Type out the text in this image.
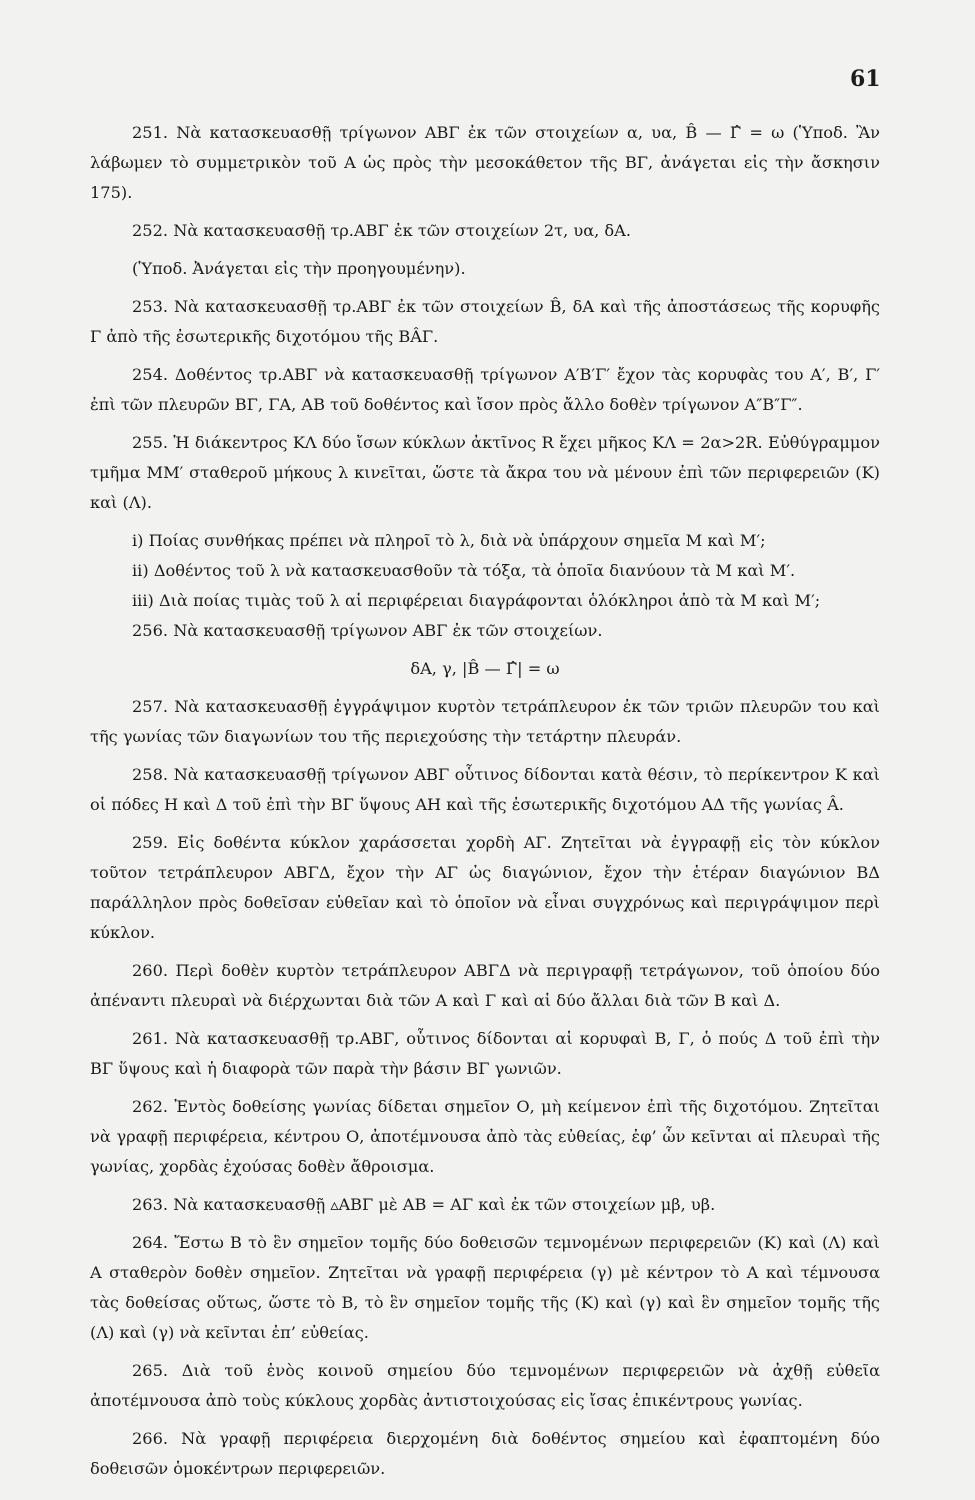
61

251. Νὰ κατασκευασθῇ τρίγωνον ΑΒΓ ἐκ τῶν στοιχείων α, υα, B̂ — Γ̂ = ω (Ὑποδ. Ἂν λάβωμεν τὸ συμμετρικὸν τοῦ Α ὡς πρὸς τὴν μεσοκάθετον τῆς ΒΓ, ἀνάγεται εἰς τὴν ἄσκησιν 175).

252. Νὰ κατασκευασθῇ τρ.ΑΒΓ ἐκ τῶν στοιχείων 2τ, υα, δΑ.

(Ὑποδ. Ἀνάγεται εἰς τὴν προηγουμένην).

253. Νὰ κατασκευασθῇ τρ.ΑΒΓ ἐκ τῶν στοιχείων B̂, δΑ καὶ τῆς ἀποστάσεως τῆς κορυφῆς Γ ἀπὸ τῆς ἐσωτερικῆς διχοτόμου τῆς ΒÂΓ.

254. Δοθέντος τρ.ΑΒΓ νὰ κατασκευασθῇ τρίγωνον Α′Β′Γ′ ἔχον τὰς κορυφὰς του Α′, Β′, Γ′ ἐπὶ τῶν πλευρῶν ΒΓ, ΓΑ, ΑΒ τοῦ δοθέντος καὶ ἴσον πρὸς ἄλλο δοθὲν τρίγωνον Α″Β″Γ″.

255. Ἡ διάκεντρος ΚΛ δύο ἴσων κύκλων ἀκτῖνος R ἔχει μῆκος ΚΛ = 2α>2R. Εὐθύγραμμον τμῆμα ΜΜ′ σταθεροῦ μήκους λ κινεῖται, ὥστε τὰ ἄκρα του νὰ μένουν ἐπὶ τῶν περιφερειῶν (Κ) καὶ (Λ).

i) Ποίας συνθήκας πρέπει νὰ πληροῖ τὸ λ, διὰ νὰ ὑπάρχουν σημεῖα Μ καὶ Μ′;

ii) Δοθέντος τοῦ λ νὰ κατασκευασθοῦν τὰ τόξα, τὰ ὁποῖα διανύουν τὰ Μ καὶ Μ′.

iii) Διὰ ποίας τιμὰς τοῦ λ αἱ περιφέρειαι διαγράφονται ὁλόκληροι ἀπὸ τὰ Μ καὶ Μ′;

256. Νὰ κατασκευασθῇ τρίγωνον ΑΒΓ ἐκ τῶν στοιχείων.

δΑ, γ, |B̂ — Γ̂| = ω

257. Νὰ κατασκευασθῇ ἐγγράψιμον κυρτὸν τετράπλευρον ἐκ τῶν τριῶν πλευρῶν του καὶ τῆς γωνίας τῶν διαγωνίων του τῆς περιεχούσης τὴν τετάρτην πλευράν.

258. Νὰ κατασκευασθῇ τρίγωνον ΑΒΓ οὗτινος δίδονται κατὰ θέσιν, τὸ περίκεντρον Κ καὶ οἱ πόδες Η καὶ Δ τοῦ ἐπὶ τὴν ΒΓ ὕψους ΑΗ καὶ τῆς ἐσωτερικῆς διχοτόμου ΑΔ τῆς γωνίας Â.

259. Εἰς δοθέντα κύκλον χαράσσεται χορδὴ ΑΓ. Ζητεῖται νὰ ἐγγραφῇ εἰς τὸν κύκλον τοῦτον τετράπλευρον ΑΒΓΔ, ἔχον τὴν ΑΓ ὡς διαγώνιον, ἔχον τὴν ἑτέραν διαγώνιον ΒΔ παράλληλον πρὸς δοθεῖσαν εὐθεῖαν καὶ τὸ ὁποῖον νὰ εἶναι συγχρόνως καὶ περιγράψιμον περὶ κύκλον.

260. Περὶ δοθὲν κυρτὸν τετράπλευρον ΑΒΓΔ νὰ περιγραφῇ τετράγωνον, τοῦ ὁποίου δύο ἀπέναντι πλευραὶ νὰ διέρχωνται διὰ τῶν Α καὶ Γ καὶ αἱ δύο ἄλλαι διὰ τῶν Β καὶ Δ.

261. Νὰ κατασκευασθῇ τρ.ΑΒΓ, οὗτινος δίδονται αἱ κορυφαὶ Β, Γ, ὁ πούς Δ τοῦ ἐπὶ τὴν ΒΓ ὕψους καὶ ἡ διαφορὰ τῶν παρὰ τὴν βάσιν ΒΓ γωνιῶν.

262. Ἐντὸς δοθείσης γωνίας δίδεται σημεῖον Ο, μὴ κείμενον ἐπὶ τῆς διχοτόμου. Ζητεῖται νὰ γραφῇ περιφέρεια, κέντρου Ο, ἀποτέμνουσα ἀπὸ τὰς εὐθείας, ἐφ’ ὧν κεῖνται αἱ πλευραὶ τῆς γωνίας, χορδὰς ἐχούσας δοθὲν ἄθροισμα.

263. Νὰ κατασκευασθῇ ▵ΑΒΓ μὲ ΑΒ = ΑΓ καὶ ἐκ τῶν στοιχείων μβ, υβ.

264. Ἔστω Β τὸ ἓν σημεῖον τομῆς δύο δοθεισῶν τεμνομένων περιφερειῶν (Κ) καὶ (Λ) καὶ Α σταθερὸν δοθὲν σημεῖον. Ζητεῖται νὰ γραφῇ περιφέρεια (γ) μὲ κέντρον τὸ Α καὶ τέμνουσα τὰς δοθείσας οὕτως, ὥστε τὸ Β, τὸ ἓν σημεῖον τομῆς τῆς (Κ) καὶ (γ) καὶ ἓν σημεῖον τομῆς τῆς (Λ) καὶ (γ) νὰ κεῖνται ἐπ’ εὐθείας.

265. Διὰ τοῦ ἑνὸς κοινοῦ σημείου δύο τεμνομένων περιφερειῶν νὰ ἀχθῇ εὐθεῖα ἀποτέμνουσα ἀπὸ τοὺς κύκλους χορδὰς ἀντιστοιχούσας εἰς ἴσας ἐπικέντρους γωνίας.

266. Νὰ γραφῇ περιφέρεια διερχομένη διὰ δοθέντος σημείου καὶ ἐφαπτομένη δύο δοθεισῶν ὁμοκέντρων περιφερειῶν.
